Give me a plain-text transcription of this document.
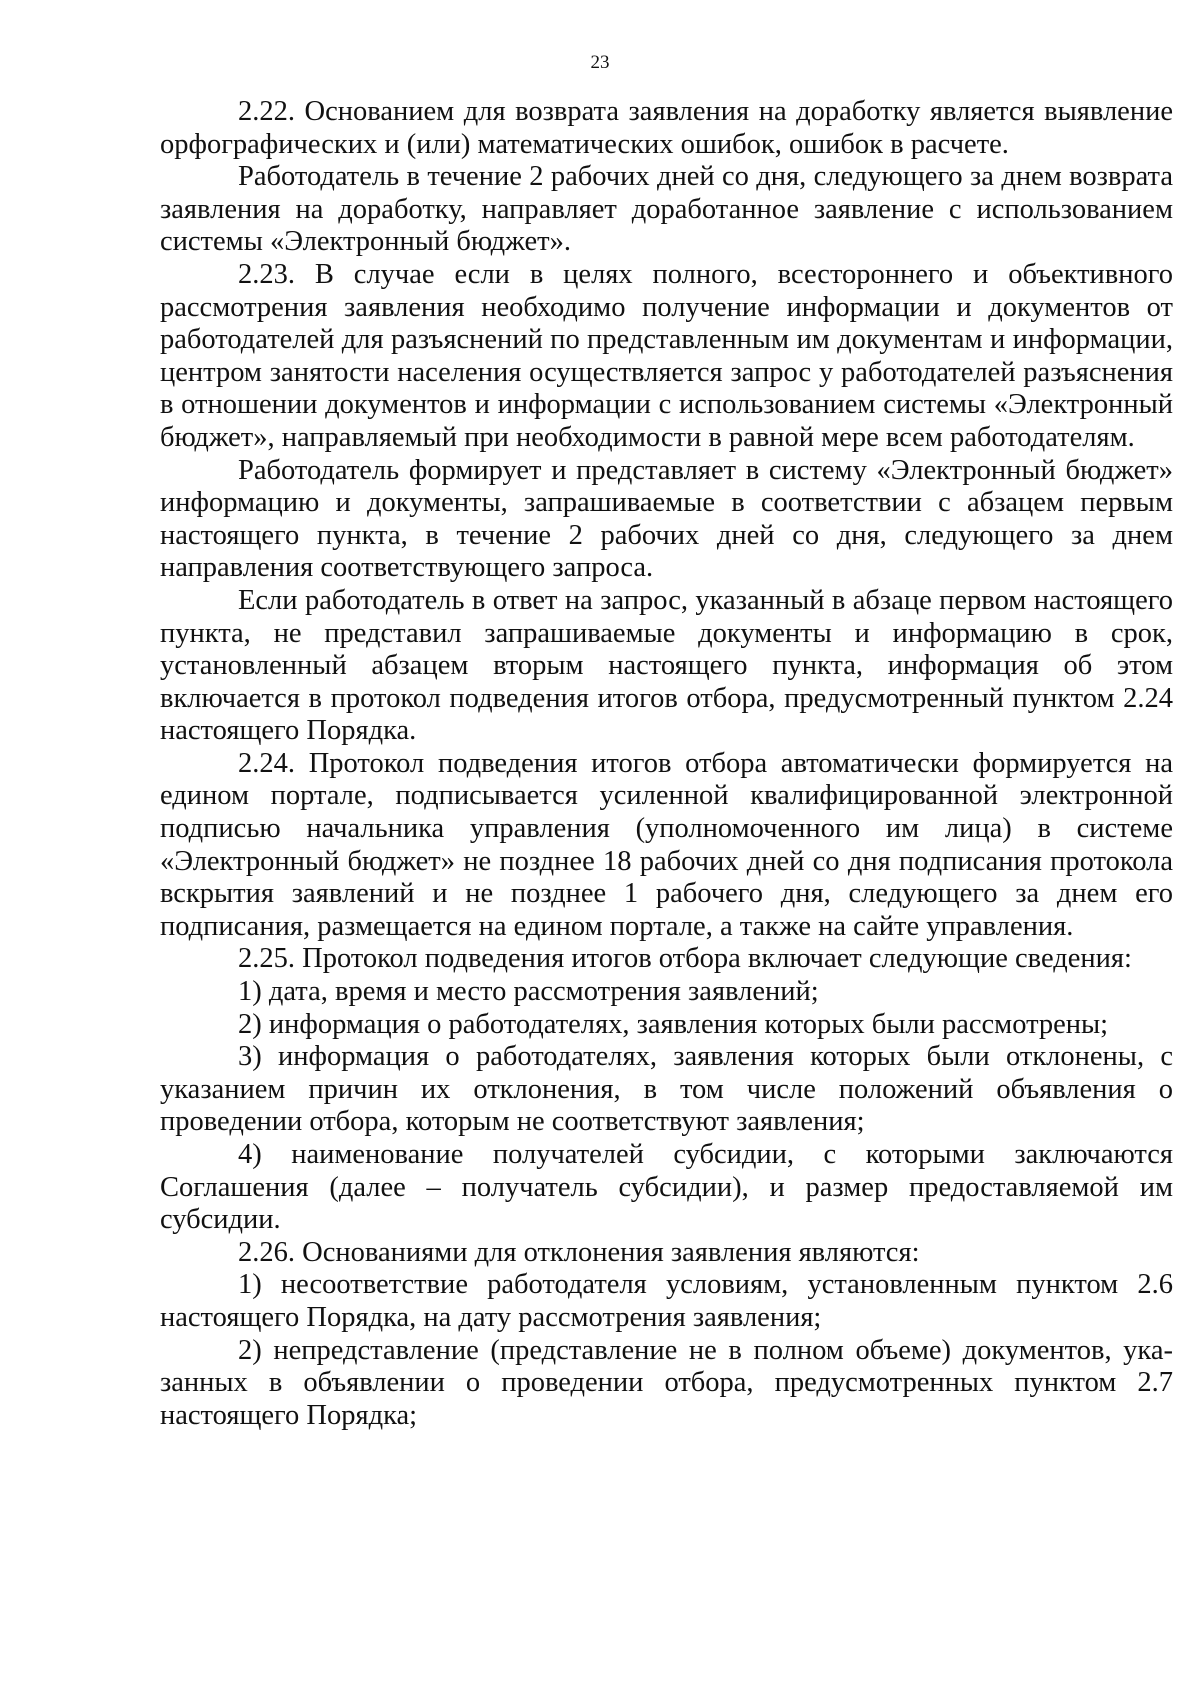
23

2.22. Основанием для возврата заявления на доработку является выявление орфографических и (или) математических ошибок, ошибок в расчете.

Работодатель в течение 2 рабочих дней со дня, следующего за днем возврата заявления на доработку, направляет доработанное заявление с использованием системы «Электронный бюджет».

2.23. В случае если в целях полного, всестороннего и объективного рассмотрения заявления необходимо получение информации и документов от работодателей для разъяснений по представленным им документам и информации, центром занятости населения осуществляется запрос у работодателей разъяснения в отношении документов и информации с использованием системы «Электронный бюджет», направляемый при необходимости в равной мере всем работодателям.

Работодатель формирует и представляет в систему «Электронный бюджет» информацию и документы, запрашиваемые в соответствии с абзацем первым настоящего пункта, в течение 2 рабочих дней со дня, следующего за днем направления соответствующего запроса.

Если работодатель в ответ на запрос, указанный в абзаце первом настоящего пункта, не представил запрашиваемые документы и информацию в срок, установленный абзацем вторым настоящего пункта, информация об этом включается в протокол подведения итогов отбора, предусмотренный пунктом 2.24 настоящего Порядка.

2.24. Протокол подведения итогов отбора автоматически формируется на едином портале, подписывается усиленной квалифицированной электронной подписью начальника управления (уполномоченного им лица) в системе «Электронный бюджет» не позднее 18 рабочих дней со дня подписания протокола вскрытия заявлений и не позднее 1 рабочего дня, следующего за днем его подписания, размещается на едином портале, а также на сайте управления.

2.25. Протокол подведения итогов отбора включает следующие сведения:

1) дата, время и место рассмотрения заявлений;

2) информация о работодателях, заявления которых были рассмотрены;

3) информация о работодателях, заявления которых были отклонены, с указанием причин их отклонения, в том числе положений объявления о проведении отбора, которым не соответствуют заявления;

4) наименование получателей субсидии, с которыми заключаются Соглашения (далее – получатель субсидии), и размер предоставляемой им субсидии.

2.26. Основаниями для отклонения заявления являются:

1) несоответствие работодателя условиям, установленным пунктом 2.6 настоящего Порядка, на дату рассмотрения заявления;

2) непредставление (представление не в полном объеме) документов, указанных в объявлении о проведении отбора, предусмотренных пунктом 2.7 настоящего Порядка;
